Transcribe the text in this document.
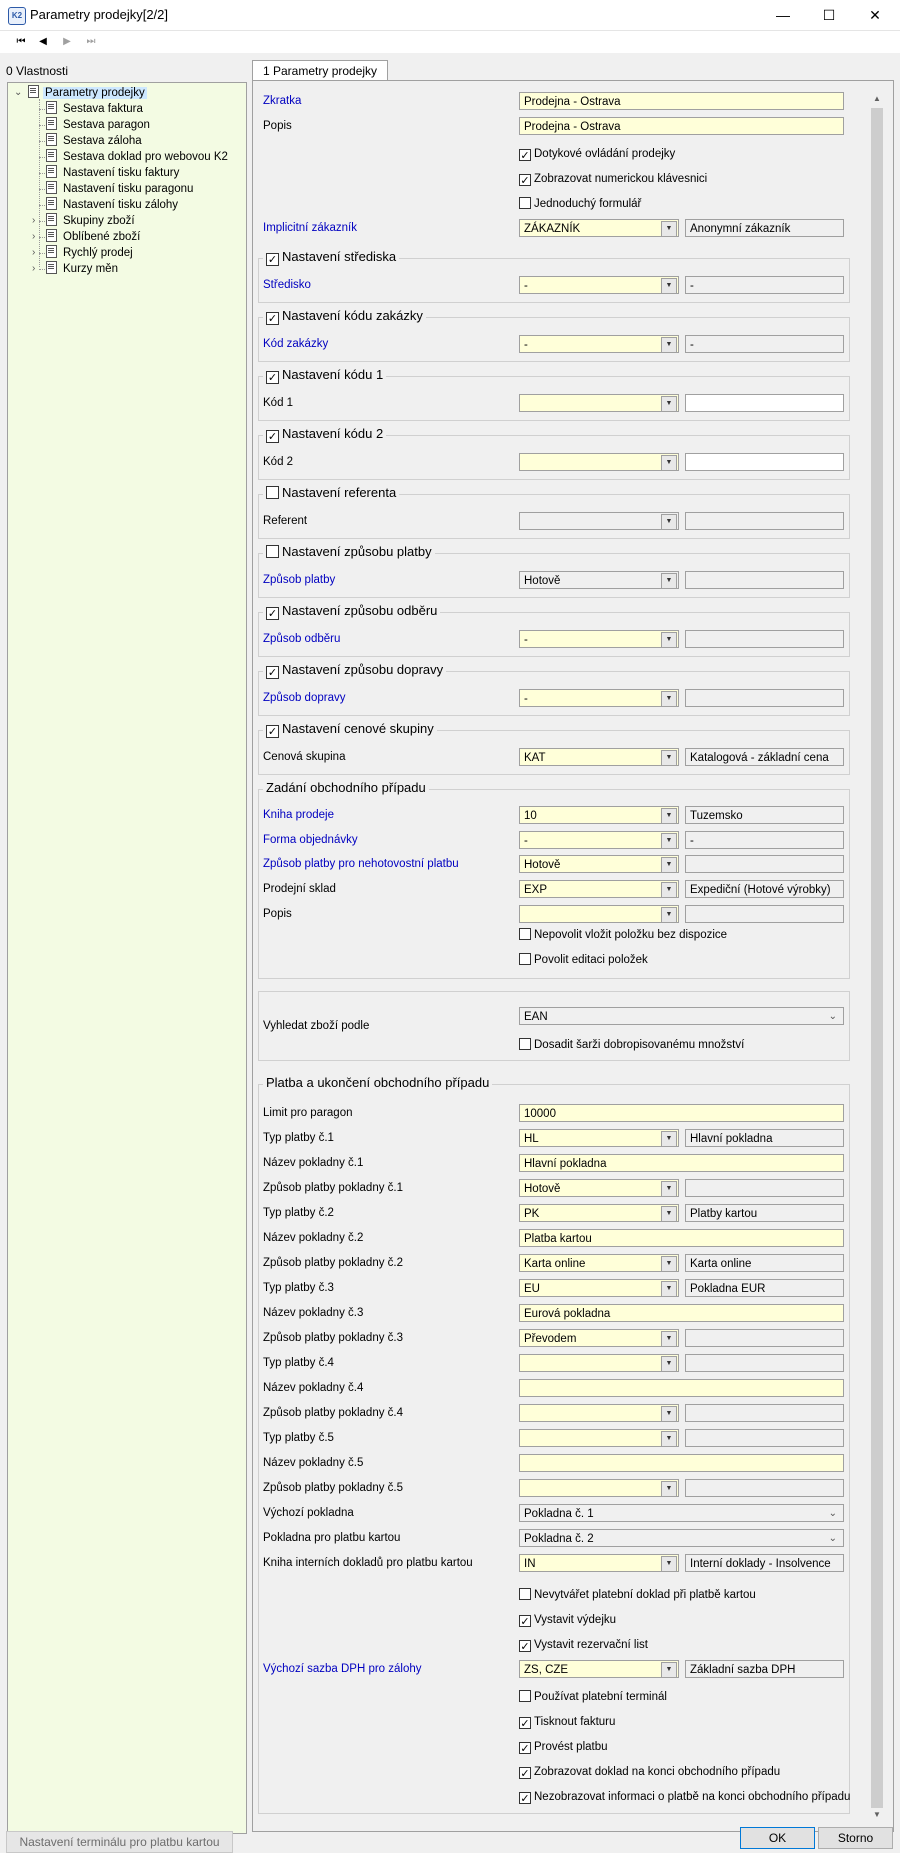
K2 Parametry prodejky[2/2]	—	☐	✕
⏮	◀	▶	⏭
0 Vlastnosti
⌄ Parametry prodejky
Sestava faktura
Sestava paragon
Sestava záloha
Sestava doklad pro webovou K2
Nastavení tisku faktury
Nastavení tisku paragonu
Nastavení tisku zálohy
› Skupiny zboží
› Oblíbené zboží
› Rychlý prodej
› Kurzy měn
1 Parametry prodejky
Zkratka	Prodejna - Ostrava
Popis	Prodejna - Ostrava
✓ Dotykové ovládání prodejky
✓ Zobrazovat numerickou klávesnici
Jednoduchý formulář
Implicitní zákazník	ZÁKAZNÍK	▼	Anonymní zákazník
✓ Nastavení střediska
Středisko	-	▼	-
✓ Nastavení kódu zakázky
Kód zakázky	-	▼	-
✓ Nastavení kódu 1
Kód 1	▼
✓ Nastavení kódu 2
Kód 2	▼
Nastavení referenta
Referent	▼
Nastavení způsobu platby
Způsob platby	Hotově	▼
✓ Nastavení způsobu odběru
Způsob odběru	-	▼
✓ Nastavení způsobu dopravy
Způsob dopravy	-	▼
✓ Nastavení cenové skupiny
Cenová skupina	KAT	▼	Katalogová - základní cena
Zadání obchodního případu
Kniha prodeje	10	▼	Tuzemsko
Forma objednávky	-	▼	-
Způsob platby pro nehotovostní platbu	Hotově	▼
Prodejní sklad	EXP	▼	Expediční (Hotové výrobky)
Popis	▼
Nepovolit vložit položku bez dispozice
Povolit editaci položek
Vyhledat zboží podle
EAN	⌄
Dosadit šarži dobropisovanému množství
Platba a ukončení obchodního případu
Limit pro paragon	10000
Typ platby č.1	HL	▼	Hlavní pokladna
Název pokladny č.1	Hlavní pokladna
Způsob platby pokladny č.1	Hotově	▼
Typ platby č.2	PK	▼	Platby kartou
Název pokladny č.2	Platba kartou
Způsob platby pokladny č.2	Karta online	▼	Karta online
Typ platby č.3	EU	▼	Pokladna EUR
Název pokladny č.3	Eurová pokladna
Způsob platby pokladny č.3	Převodem	▼
Typ platby č.4	▼
Název pokladny č.4
Způsob platby pokladny č.4	▼
Typ platby č.5	▼
Název pokladny č.5
Způsob platby pokladny č.5	▼
Výchozí pokladna	Pokladna č. 1	⌄
Pokladna pro platbu kartou	Pokladna č. 2	⌄
Kniha interních dokladů pro platbu kartou	IN	▼	Interní doklady - Insolvence
Nevytvářet platební doklad při platbě kartou
✓ Vystavit výdejku
✓ Vystavit rezervační list
Výchozí sazba DPH pro zálohy	ZS, CZE	▼	Základní sazba DPH
Používat platební terminál
✓ Tisknout fakturu
✓ Provést platbu
✓ Zobrazovat doklad na konci obchodního případu
✓ Nezobrazovat informaci o platbě na konci obchodního případu
▲
▼
Nastavení terminálu pro platbu kartou	OK	Storno
